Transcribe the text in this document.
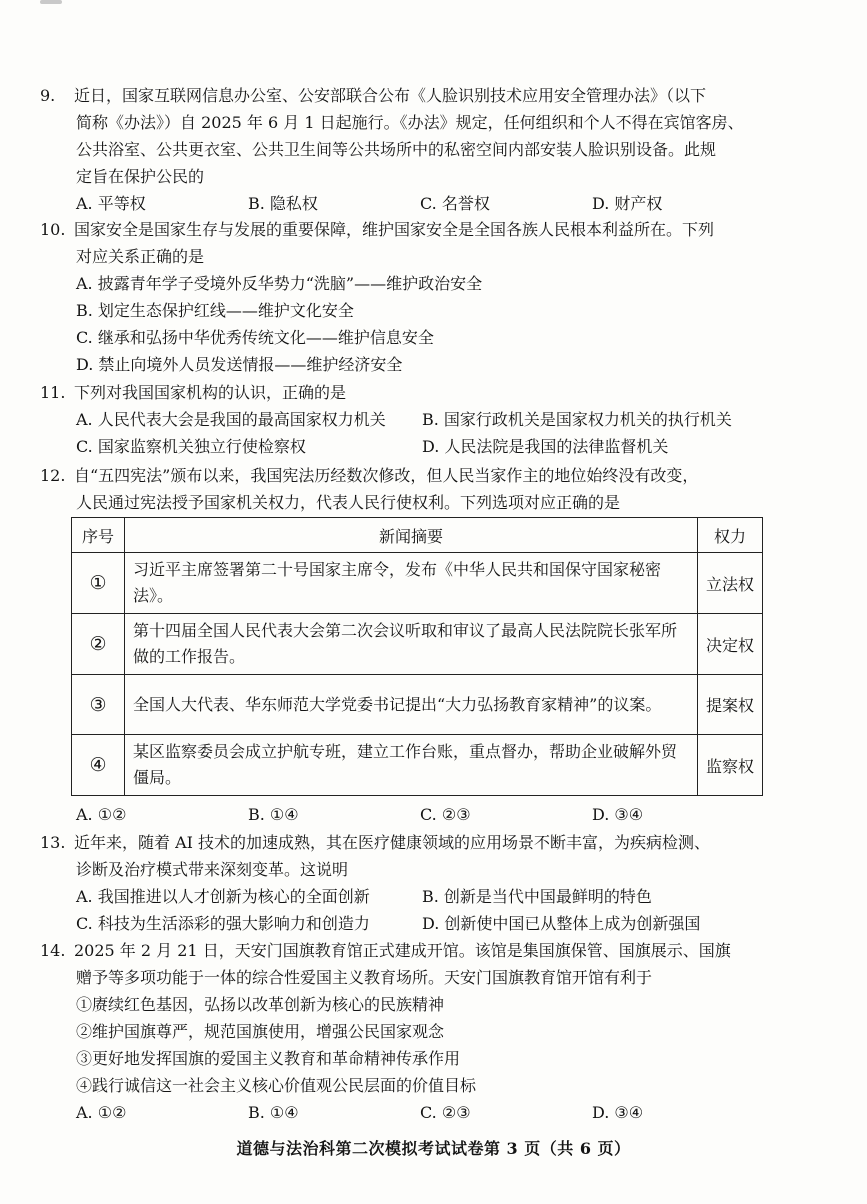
9. 近日，国家互联网信息办公室、公安部联合公布《人脸识别技术应用安全管理办法》（以下
简称《办法》）自 2025 年 6 月 1 日起施行。《办法》规定，任何组织和个人不得在宾馆客房、
公共浴室、公共更衣室、公共卫生间等公共场所中的私密空间内部安装人脸识别设备。此规
定旨在保护公民的
A. 平等权	B. 隐私权	C. 名誉权	D. 财产权
10. 国家安全是国家生存与发展的重要保障，维护国家安全是全国各族人民根本利益所在。下列
对应关系正确的是
A. 披露青年学子受境外反华势力“洗脑”——维护政治安全
B. 划定生态保护红线——维护文化安全
C. 继承和弘扬中华优秀传统文化——维护信息安全
D. 禁止向境外人员发送情报——维护经济安全
11. 下列对我国国家机构的认识，正确的是
A. 人民代表大会是我国的最高国家权力机关	B. 国家行政机关是国家权力机关的执行机关
C. 国家监察机关独立行使检察权	D. 人民法院是我国的法律监督机关
12. 自“五四宪法”颁布以来，我国宪法历经数次修改，但人民当家作主的地位始终没有改变，
人民通过宪法授予国家机关权力，代表人民行使权利。下列选项对应正确的是
序号	新闻摘要	权力
①	习近平主席签署第二十号国家主席令，发布《中华人民共和国保守国家秘密法》。	立法权
②	第十四届全国人民代表大会第二次会议听取和审议了最高人民法院院长张军所做的工作报告。	决定权
③	全国人大代表、华东师范大学党委书记提出“大力弘扬教育家精神”的议案。	提案权
④	某区监察委员会成立护航专班，建立工作台账，重点督办，帮助企业破解外贸僵局。	监察权
A. ①②	B. ①④	C. ②③	D. ③④
13. 近年来，随着 AI 技术的加速成熟，其在医疗健康领域的应用场景不断丰富，为疾病检测、
诊断及治疗模式带来深刻变革。这说明
A. 我国推进以人才创新为核心的全面创新	B. 创新是当代中国最鲜明的特色
C. 科技为生活添彩的强大影响力和创造力	D. 创新使中国已从整体上成为创新强国
14. 2025 年 2 月 21 日，天安门国旗教育馆正式建成开馆。该馆是集国旗保管、国旗展示、国旗
赠予等多项功能于一体的综合性爱国主义教育场所。天安门国旗教育馆开馆有利于
①赓续红色基因，弘扬以改革创新为核心的民族精神
②维护国旗尊严，规范国旗使用，增强公民国家观念
③更好地发挥国旗的爱国主义教育和革命精神传承作用
④践行诚信这一社会主义核心价值观公民层面的价值目标
A. ①②	B. ①④	C. ②③	D. ③④
道德与法治科第二次模拟考试试卷第 3 页（共 6 页）
